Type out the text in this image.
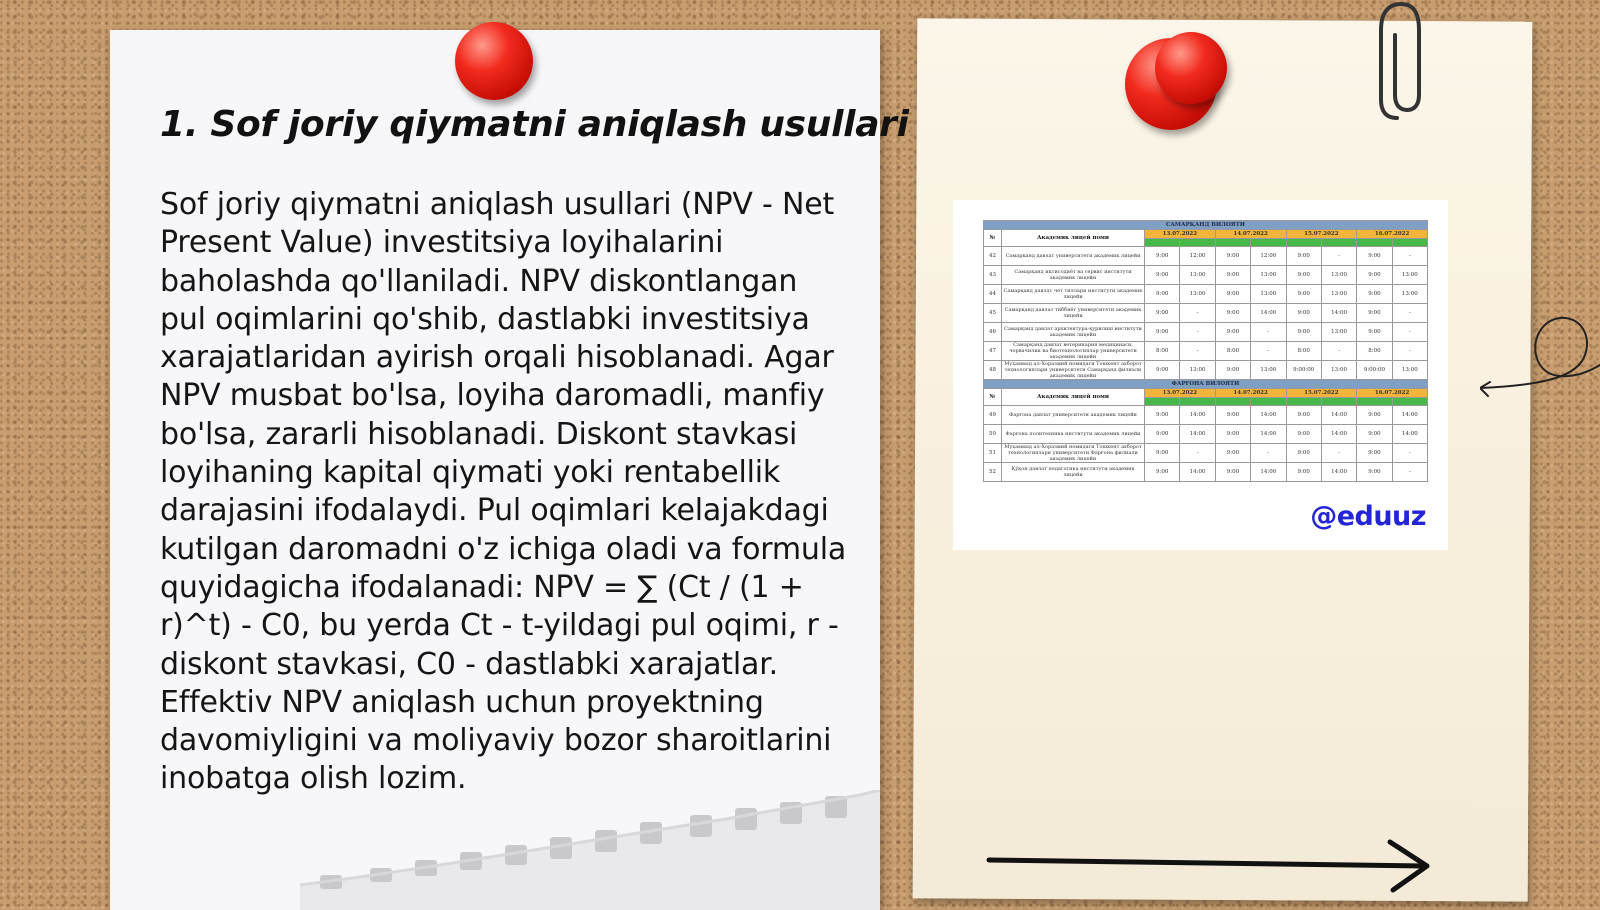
1. Sof joriy qiymatni aniqlash usullari

Sof joriy qiymatni aniqlash usullari (NPV - Net Present Value) investitsiya loyihalarini baholashda qo'llaniladi. NPV diskontlangan pul oqimlarini qo'shib, dastlabki investitsiya xarajatlaridan ayirish orqali hisoblanadi. Agar NPV musbat bo'lsa, loyiha daromadli, manfiy bo'lsa, zararli hisoblanadi. Diskont stavkasi loyihaning kapital qiymati yoki rentabellik darajasini ifodalaydi. Pul oqimlari kelajakdagi kutilgan daromadni o'z ichiga oladi va formula quyidagicha ifodalanadi: NPV = ∑ (Ct / (1 + r)^t) - C0, bu yerda Ct - t-yildagi pul oqimi, r - diskont stavkasi, C0 - dastlabki xarajatlar. Effektiv NPV aniqlash uchun proyektning davomiyligini va moliyaviy bozor sharoitlarini inobatga olish lozim.

САМАРҚАНД ВИЛОЯТИ									
№	Академик лицей номи	13.07.2022		14.07.2022		15.07.2022		16.07.2022	

42	Самарқанд давлат университети академик лицейи	9:00	12:00	9:00	12:00	9:00	-	9:00	-
43	Самарқанд иқтисодиёт ва сервис институти академик лицейи	9:00	13:00	9:00	13:00	9:00	13:00	9:00	13:00
44	Самарқанд давлат чет тиллари институти академик лицейи	9:00	13:00	9:00	13:00	9:00	13:00	9:00	13:00
45	Самарқанд давлат тиббиёт университети академик лицейи	9:00	-	9:00	14:00	9:00	14:00	9:00	-
46	Самарқанд давлат архитектура-қурилиш институти академик лицейи	9:00	-	9:00	-	9:00	13:00	9:00	-
47	Самарқанд давлат ветеринария медицинаси, чорвачилик ва биотехнологиялар университети академик лицейи	8:00	-	8:00	-	8:00	-	8:00	-
48	Муҳаммад ал-Хоразмий номидаги Тошкент ахборот технологиялари университети Самарқанд филиали академик лицейи	9:00	13:00	9:00	13:00	9:00:00	13:00	9:00:00	13:00
ФАРҒОНА ВИЛОЯТИ									
№	Академик лицей номи	13.07.2022		14.07.2022		15.07.2022		16.07.2022	

49	Фарғона давлат университети академик лицейи	9:00	14:00	9:00	14:00	9:00	14:00	9:00	14:00
50	Фарғона политехника институти академик лицейи	9:00	14:00	9:00	14:00	9:00	14:00	9:00	14:00
51	Муҳаммад ал-Хоразмий номидаги Тошкент ахборот технологиялари университети Фарғона филиали академик лицейи	9:00	-	9:00	-	9:00	-	9:00	-
52	Қўқон давлат педагогика институти академик лицейи	9:00	14:00	9:00	14:00	9:00	14:00	9:00	-
@eduuz
